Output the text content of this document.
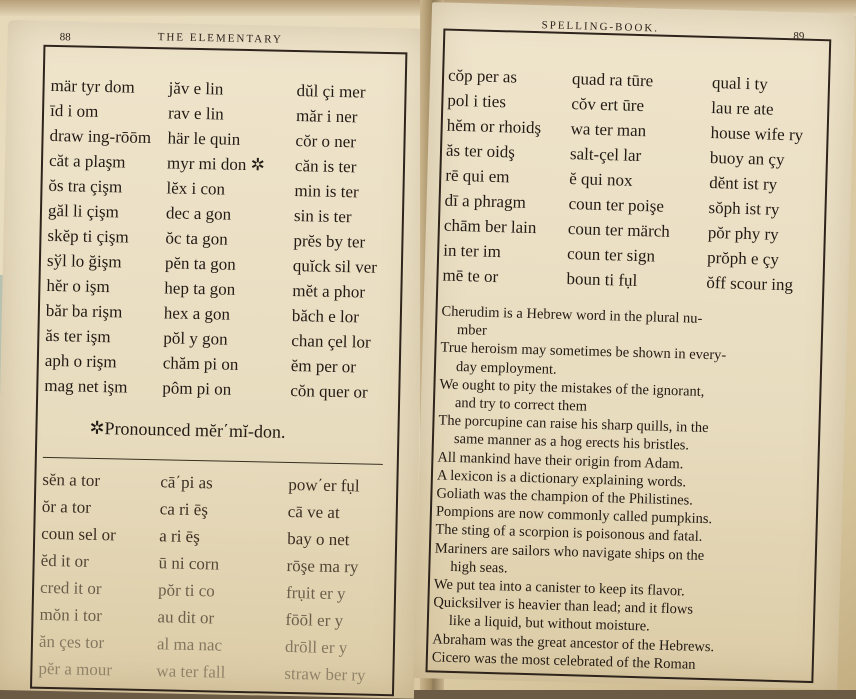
88	THE ELEMENTARY
mär tyr dom	jăv e lin	dŭl çi mer
īd i om	rav e lin	măr i ner
draw ing-rōōm här le quin	cŏr o ner
căt a plaşm	myr mi don ✲	căn is ter
ŏs tra çişm	lĕx i con	min is ter
găl li çişm	dec a gon	sin is ter
skĕp ti çişm	ŏc ta gon	prĕs by ter
sўl lo ğişm	pĕn ta gon	quĭck sil ver
hĕr o işm	hep ta gon	mĕt a phor
băr ba rişm	hex a gon	băch e lor
ăs ter işm	pŏl y gon	chan çel lor
aph o rişm	chăm pi on	ĕm per or
mag net işm	pôm pi on	cŏn quer or
✲Pronounced mĕr΄mĭ-don.
sĕn a tor	cā΄pi as	pow΄er fụl
ŏr a tor	ca ri ēş	cā ve at
coun sel or	a ri ēş	bay o net
ĕd it or	ū ni corn	rōşe ma ry
cred it or	pŏr ti co	frụit er y
mŏn i tor	au dit or	fōōl er y
ăn çes tor	al ma nac	drōll er y
pĕr a mour	wa ter fall	straw ber ry
SPELLING-BOOK.
89
cŏp per as	quad ra tūre	qual i ty
pol i ties	cŏv ert ūre	lau re ate
hĕm or rhoidş	wa ter man	house wife ry
ăs ter oidş	salt-çel lar	buoy an çy
rē qui em	ĕ qui nox	dĕnt ist ry
dī a phragm	coun ter poişe	sŏph ist ry
chām ber lain	coun ter märch	pŏr phy ry
in ter im	coun ter sign	prŏph e çy
mē te or	boun ti fụl	ŏff scour ing

Cherudim is a Hebrew word in the plural nu-

mber

True heroism may sometimes be shown in every-

day employment.

We ought to pity the mistakes of the ignorant,

and try to correct them

The porcupine can raise his sharp quills, in the

same manner as a hog erects his bristles.

All mankind have their origin from Adam.

A lexicon is a dictionary explaining words.

Goliath was the champion of the Philistines.

Pompions are now commonly called pumpkins.

The sting of a scorpion is poisonous and fatal.

Mariners are sailors who navigate ships on the

high seas.

We put tea into a canister to keep its flavor.

Quicksilver is heavier than lead; and it flows

like a liquid, but without moisture.

Abraham was the great ancestor of the Hebrews.

Cicero was the most celebrated of the Roman
